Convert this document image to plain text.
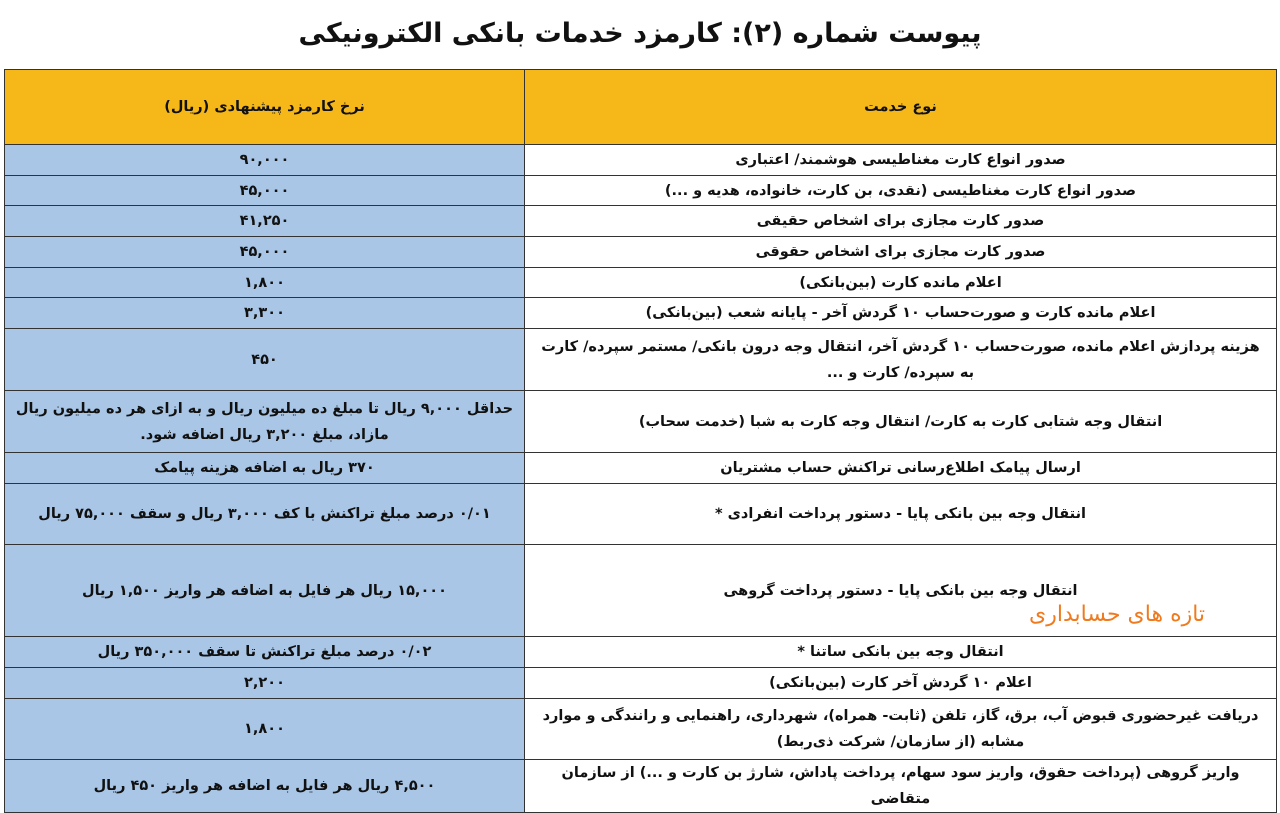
پیوست شماره (۲): کارمزد خدمات بانکی الکترونیکی
نوع خدمت	نرخ کارمزد پیشنهادی (ریال)
صدور انواع کارت مغناطیسی هوشمند/ اعتباری	۹۰,۰۰۰
صدور انواع کارت مغناطیسی (نقدی، بن کارت، خانواده، هدیه و ...)	۴۵,۰۰۰
صدور کارت مجازی برای اشخاص حقیقی	۴۱,۲۵۰
صدور کارت مجازی برای اشخاص حقوقی	۴۵,۰۰۰
اعلام مانده کارت (بین‌بانکی)	۱,۸۰۰
اعلام مانده کارت و صورت‌حساب ۱۰ گردش آخر - پایانه شعب (بین‌بانکی)	۳,۳۰۰
هزینه پردازش اعلام مانده، صورت‌حساب ۱۰ گردش آخر، انتقال وجه درون بانکی/ مستمر سپرده/ کارت به سپرده/ کارت و ...	۴۵۰
انتقال وجه شتابی کارت به کارت/ انتقال وجه کارت به شبا (خدمت سحاب)	حداقل ۹,۰۰۰ ریال تا مبلغ ده میلیون ریال و به ازای هر ده میلیون ریال مازاد، مبلغ ۳,۲۰۰ ریال اضافه شود.
ارسال پیامک اطلاع‌رسانی تراکنش حساب مشتریان	۳۷۰ ریال به اضافه هزینه پیامک
انتقال وجه بین بانکی پایا - دستور پرداخت انفرادی *	۰/۰۱ درصد مبلغ تراکنش با کف ۳,۰۰۰ ریال و سقف ۷۵,۰۰۰ ریال
انتقال وجه بین بانکی پایا - دستور پرداخت گروهی	۱۵,۰۰۰ ریال هر فایل به اضافه هر واریز ۱,۵۰۰ ریال
انتقال وجه بین بانکی ساتنا *	۰/۰۲ درصد مبلغ تراکنش تا سقف ۳۵۰,۰۰۰ ریال
اعلام ۱۰ گردش آخر کارت (بین‌بانکی)	۲,۲۰۰
دریافت غیرحضوری قبوض آب، برق، گاز، تلفن (ثابت- همراه)، شهرداری، راهنمایی و رانندگی و موارد مشابه (از سازمان/ شرکت ذی‌ربط)	۱,۸۰۰
واریز گروهی (پرداخت حقوق، واریز سود سهام، پرداخت پاداش، شارژ بن کارت و ...) از سازمان متقاضی	۴,۵۰۰ ریال هر فایل به اضافه هر واریز ۴۵۰ ریال
تازه های حسابداری
